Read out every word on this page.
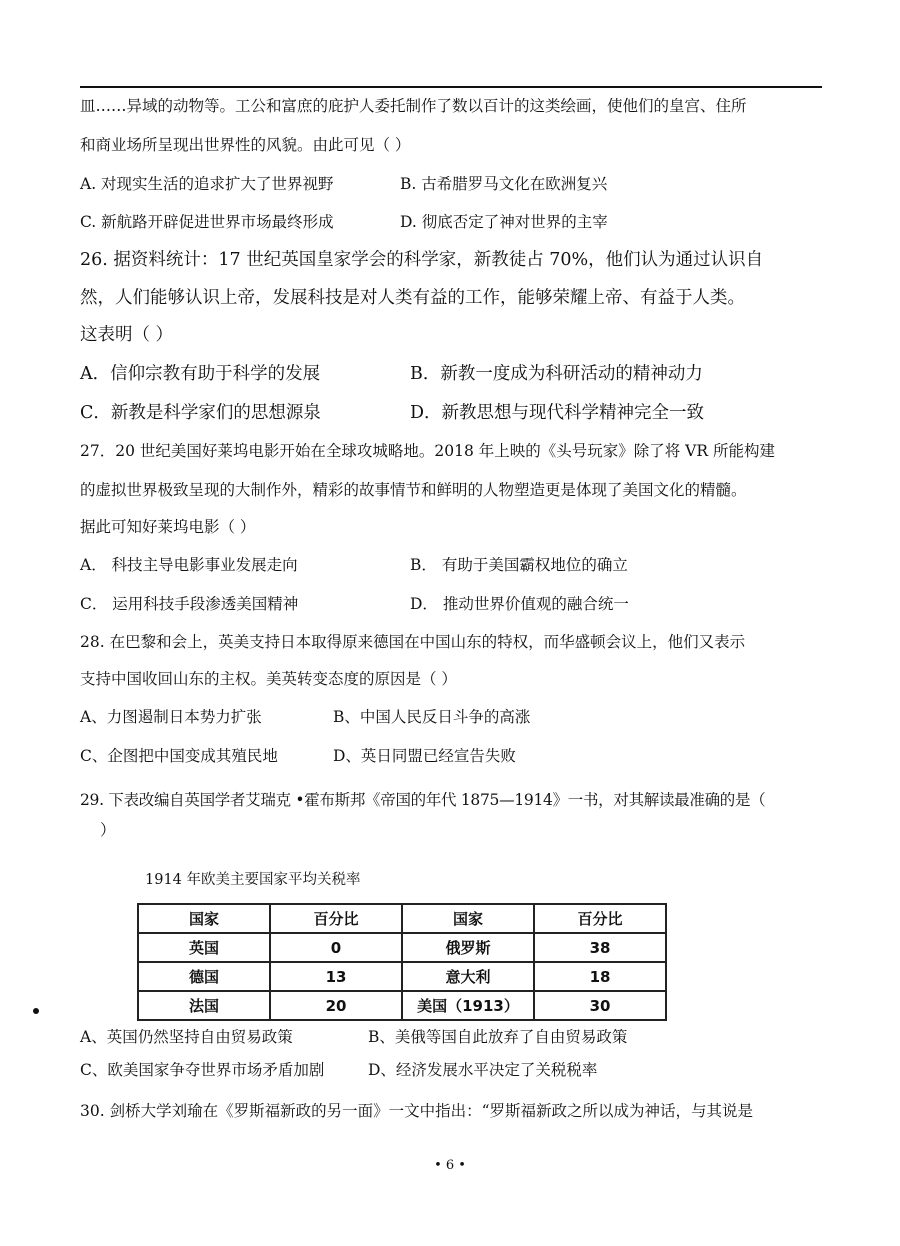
皿……异域的动物等。工公和富庶的庇护人委托制作了数以百计的这类绘画，使他们的皇宫、住所
和商业场所呈现出世界性的风貌。由此可见（ ）
A. 对现实生活的追求扩大了世界视野	B. 古希腊罗马文化在欧洲复兴
C. 新航路开辟促进世界市场最终形成	D. 彻底否定了神对世界的主宰
26. 据资料统计：17 世纪英国皇家学会的科学家，新教徒占 70%，他们认为通过认识自
然，人们能够认识上帝，发展科技是对人类有益的工作，能够荣耀上帝、有益于人类。
这表明（ ）
A．信仰宗教有助于科学的发展	B．新教一度成为科研活动的精神动力
C．新教是科学家们的思想源泉	D．新教思想与现代科学精神完全一致
27．20 世纪美国好莱坞电影开始在全球攻城略地。2018 年上映的《头号玩家》除了将 VR 所能构建
的虚拟世界极致呈现的大制作外，精彩的故事情节和鲜明的人物塑造更是体现了美国文化的精髓。
据此可知好莱坞电影（ ）
A． 科技主导电影事业发展走向	B． 有助于美国霸权地位的确立
C． 运用科技手段渗透美国精神	D． 推动世界价值观的融合统一
28. 在巴黎和会上，英美支持日本取得原来德国在中国山东的特权，而华盛顿会议上，他们又表示
支持中国收回山东的主权。美英转变态度的原因是（ ）
A、力图遏制日本势力扩张	B、中国人民反日斗争的高涨
C、企图把中国变成其殖民地	D、英日同盟已经宣告失败
29. 下表改编自英国学者艾瑞克 •霍布斯邦《帝国的年代 1875—1914》一书，对其解读最准确的是（
）
1914 年欧美主要国家平均关税率
国家	百分比	国家	百分比
英国	0	俄罗斯	38
德国	13	意大利	18
法国	20	美国（1913）	30
A、英国仍然坚持自由贸易政策	B、美俄等国自此放弃了自由贸易政策
C、欧美国家争夺世界市场矛盾加剧	D、经济发展水平决定了关税税率
30. 剑桥大学刘瑜在《罗斯福新政的另一面》一文中指出：“罗斯福新政之所以成为神话，与其说是
• 6 •
